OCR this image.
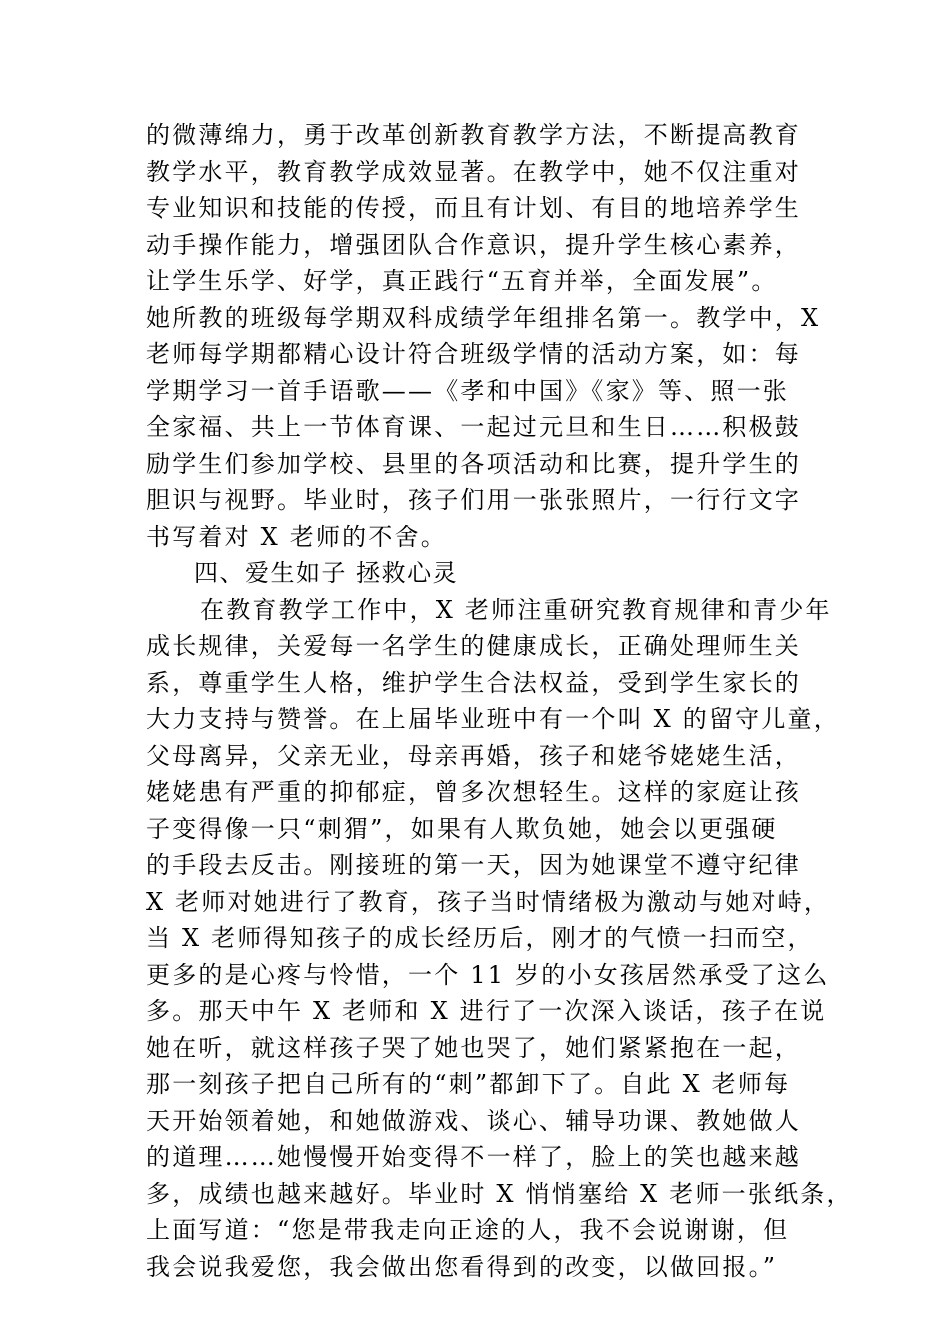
的微薄绵力，勇于改革创新教育教学方法，不断提高教育
教学水平，教育教学成效显著。在教学中，她不仅注重对
专业知识和技能的传授，而且有计划、有目的地培养学生
动手操作能力，增强团队合作意识，提升学生核心素养，
让学生乐学、好学，真正践行“五育并举，全面发展”。
她所教的班级每学期双科成绩学年组排名第一。教学中，X
老师每学期都精心设计符合班级学情的活动方案，如：每
学期学习一首手语歌——《孝和中国》《家》等、照一张
全家福、共上一节体育课、一起过元旦和生日……积极鼓
励学生们参加学校、县里的各项活动和比赛，提升学生的
胆识与视野。毕业时，孩子们用一张张照片，一行行文字
书写着对 X 老师的不舍。
四、爱生如子 拯救心灵
在教育教学工作中，X 老师注重研究教育规律和青少年
成长规律，关爱每一名学生的健康成长，正确处理师生关
系，尊重学生人格，维护学生合法权益，受到学生家长的
大力支持与赞誉。在上届毕业班中有一个叫 X 的留守儿童，
父母离异，父亲无业，母亲再婚，孩子和姥爷姥姥生活，
姥姥患有严重的抑郁症，曾多次想轻生。这样的家庭让孩
子变得像一只“刺猬”，如果有人欺负她，她会以更强硬
的手段去反击。刚接班的第一天，因为她课堂不遵守纪律
X 老师对她进行了教育，孩子当时情绪极为激动与她对峙，
当 X 老师得知孩子的成长经历后，刚才的气愤一扫而空，
更多的是心疼与怜惜，一个 11 岁的小女孩居然承受了这么
多。那天中午 X 老师和 X 进行了一次深入谈话，孩子在说
她在听，就这样孩子哭了她也哭了，她们紧紧抱在一起，
那一刻孩子把自己所有的“刺”都卸下了。自此 X 老师每
天开始领着她，和她做游戏、谈心、辅导功课、教她做人
的道理……她慢慢开始变得不一样了，脸上的笑也越来越
多，成绩也越来越好。毕业时 X 悄悄塞给 X 老师一张纸条，
上面写道：“您是带我走向正途的人，我不会说谢谢，但
我会说我爱您，我会做出您看得到的改变，以做回报。”
